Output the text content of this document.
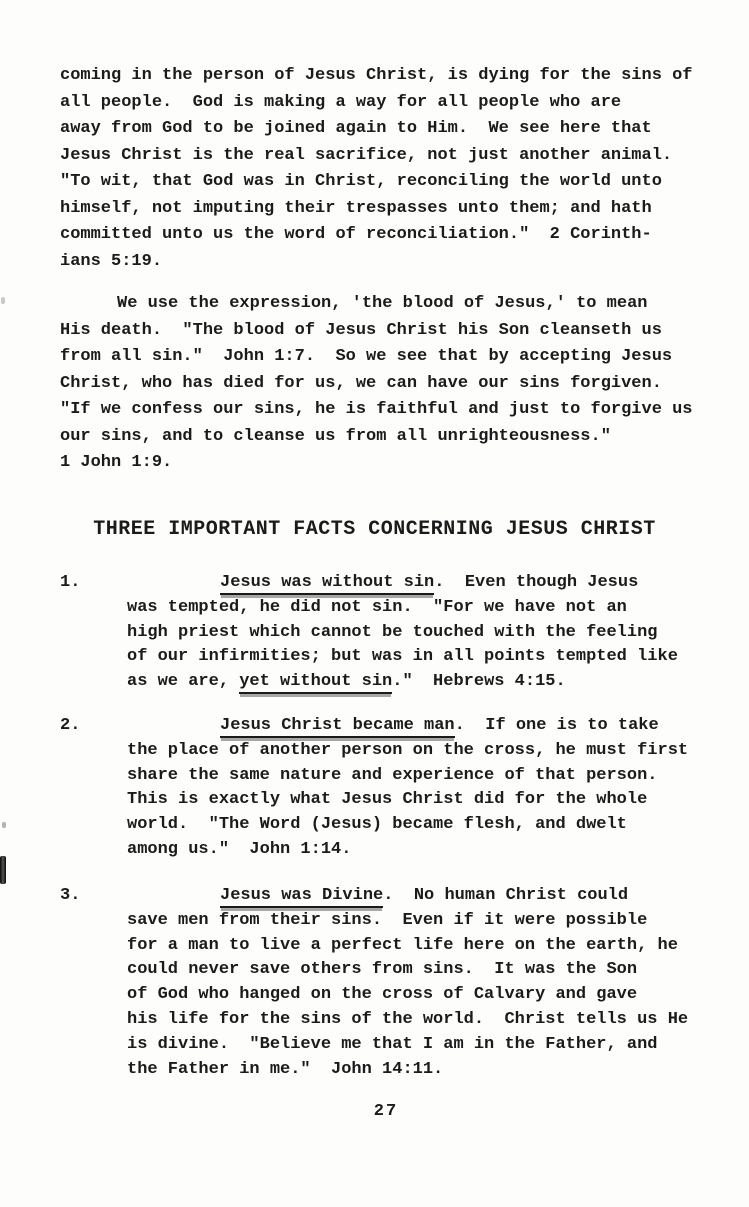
coming in the person of Jesus Christ, is dying for the sins of
all people.  God is making a way for all people who are
away from God to be joined again to Him.  We see here that
Jesus Christ is the real sacrifice, not just another animal.
"To wit, that God was in Christ, reconciling the world unto
himself, not imputing their trespasses unto them; and hath
committed unto us the word of reconciliation."  2 Corinth-
ians 5:19.

We use the expression, 'the blood of Jesus,' to mean
His death.  "The blood of Jesus Christ his Son cleanseth us
from all sin."  John 1:7.  So we see that by accepting Jesus
Christ, who has died for us, we can have our sins forgiven.
"If we confess our sins, he is faithful and just to forgive us
our sins, and to cleanse us from all unrighteousness."
1 John 1:9.

THREE IMPORTANT FACTS CONCERNING JESUS CHRIST
1.	Jesus was without sin.  Even though Jesus
was tempted, he did not sin.  "For we have not an
high priest which cannot be touched with the feeling
of our infirmities; but was in all points tempted like
as we are, yet without sin."  Hebrews 4:15.
2.	Jesus Christ became man.  If one is to take
the place of another person on the cross, he must first
share the same nature and experience of that person.
This is exactly what Jesus Christ did for the whole
world.  "The Word (Jesus) became flesh, and dwelt
among us."  John 1:14.
3.	Jesus was Divine.  No human Christ could
save men from their sins.  Even if it were possible
for a man to live a perfect life here on the earth, he
could never save others from sins.  It was the Son
of God who hanged on the cross of Calvary and gave
his life for the sins of the world.  Christ tells us He
is divine.  "Believe me that I am in the Father, and
the Father in me."  John 14:11.
27
